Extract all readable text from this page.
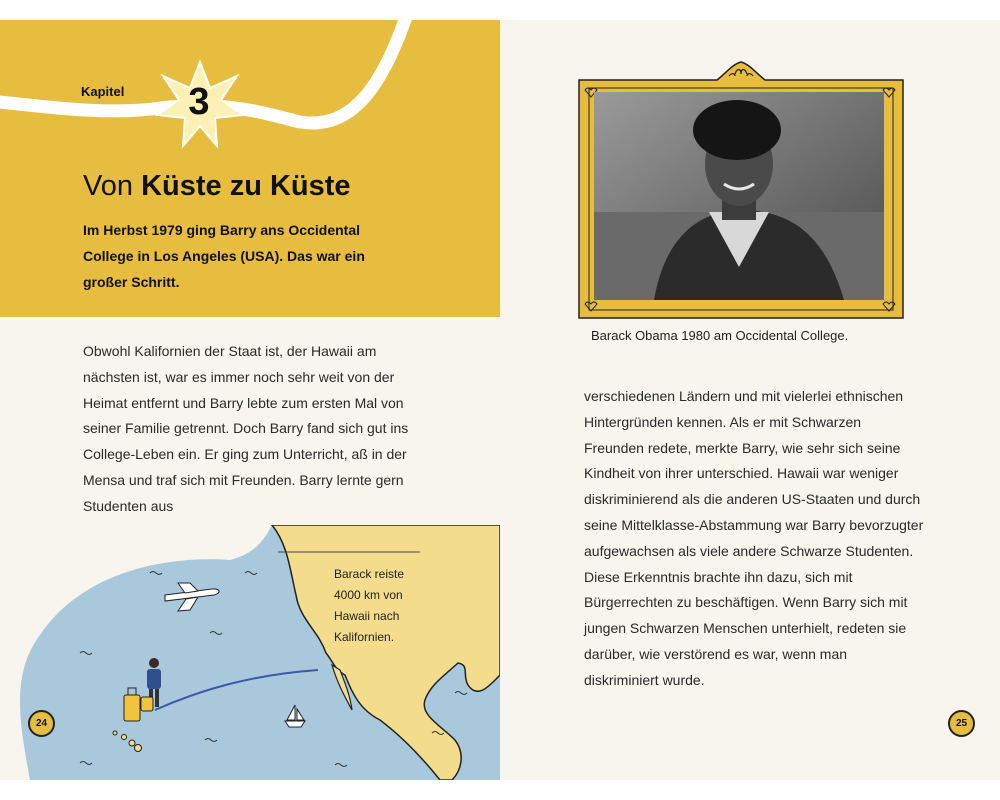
Kapitel	3
Von Küste zu Küste
Im Herbst 1979 ging Barry ans Occidental College in Los Angeles (USA). Das war ein großer Schritt.
Obwohl Kalifornien der Staat ist, der Hawaii am nächsten ist, war es immer noch sehr weit von der Heimat entfernt und Barry lebte zum ersten Mal von seiner Familie getrennt. Doch Barry fand sich gut ins College-Leben ein. Er ging zum Unterricht, aß in der Mensa und traf sich mit Freunden. Barry lernte gern Studenten aus
Barack reiste 4000 km von Hawaii nach Kalifornien.
24
Barack Obama 1980 am Occidental College.
verschiedenen Ländern und mit vielerlei ethnischen Hintergründen kennen. Als er mit Schwarzen Freunden redete, merkte Barry, wie sehr sich seine Kindheit von ihrer unterschied. Hawaii war weniger diskriminierend als die anderen US-Staaten und durch seine Mittelklasse-Abstammung war Barry bevorzugter aufgewachsen als viele andere Schwarze Studenten. Diese Erkenntnis brachte ihn dazu, sich mit Bürgerrechten zu beschäftigen. Wenn Barry sich mit jungen Schwarzen Menschen unterhielt, redeten sie darüber, wie verstörend es war, wenn man diskriminiert wurde.
25
